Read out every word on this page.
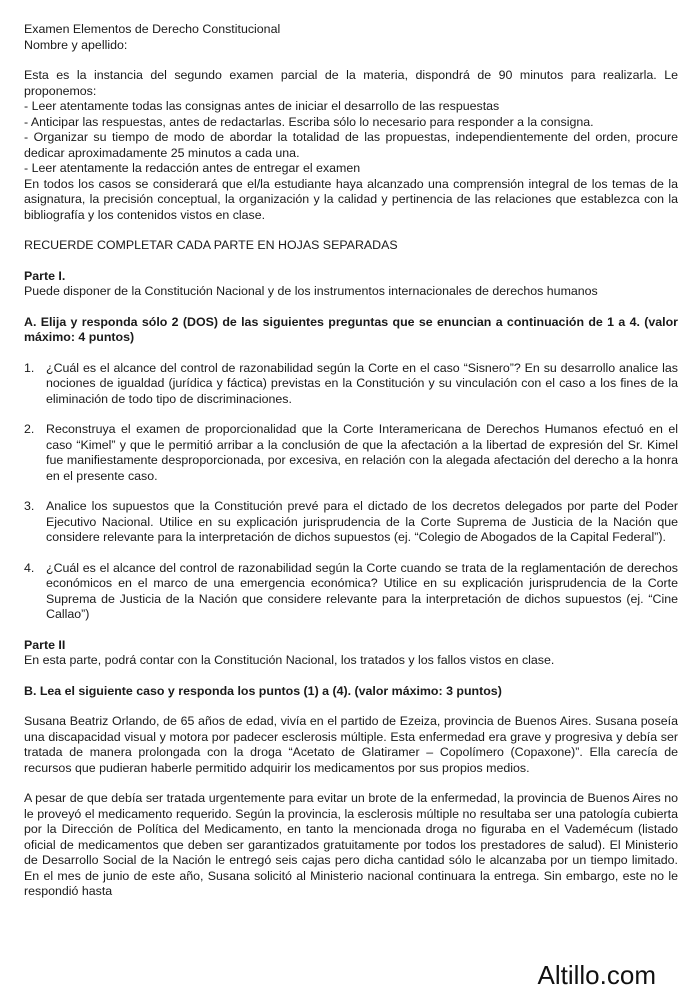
Examen Elementos de Derecho Constitucional
Nombre y apellido:

Esta es la instancia del segundo examen parcial de la materia, dispondrá de 90 minutos para realizarla. Le proponemos:

- Leer atentamente todas las consignas antes de iniciar el desarrollo de las respuestas

- Anticipar las respuestas, antes de redactarlas. Escriba sólo lo necesario para responder a la consigna.

- Organizar su tiempo de modo de abordar la totalidad de las propuestas, independientemente del orden, procure dedicar aproximadamente 25 minutos a cada una.

- Leer atentamente la redacción antes de entregar el examen

En todos los casos se considerará que el/la estudiante haya alcanzado una comprensión integral de los temas de la asignatura, la precisión conceptual, la organización y la calidad y pertinencia de las relaciones que establezca con la bibliografía y los contenidos vistos en clase.

RECUERDE COMPLETAR CADA PARTE EN HOJAS SEPARADAS
Parte I.
Puede disponer de la Constitución Nacional y de los instrumentos internacionales de derechos humanos

A. Elija y responda sólo 2 (DOS) de las siguientes preguntas que se enuncian a continuación de 1 a 4. (valor máximo: 4 puntos)

1. ¿Cuál es el alcance del control de razonabilidad según la Corte en el caso “Sisnero”? En su desarrollo analice las nociones de igualdad (jurídica y fáctica) previstas en la Constitución y su vinculación con el caso a los fines de la eliminación de todo tipo de discriminaciones.
2. Reconstruya el examen de proporcionalidad que la Corte Interamericana de Derechos Humanos efectuó en el caso “Kimel” y que le permitió arribar a la conclusión de que la afectación a la libertad de expresión del Sr. Kimel fue manifiestamente desproporcionada, por excesiva, en relación con la alegada afectación del derecho a la honra en el presente caso.
3. Analice los supuestos que la Constitución prevé para el dictado de los decretos delegados por parte del Poder Ejecutivo Nacional. Utilice en su explicación jurisprudencia de la Corte Suprema de Justicia de la Nación que considere relevante para la interpretación de dichos supuestos (ej. “Colegio de Abogados de la Capital Federal”).
4. ¿Cuál es el alcance del control de razonabilidad según la Corte cuando se trata de la reglamentación de derechos económicos en el marco de una emergencia económica? Utilice en su explicación jurisprudencia de la Corte Suprema de Justicia de la Nación que considere relevante para la interpretación de dichos supuestos (ej. “Cine Callao”)
Parte II
En esta parte, podrá contar con la Constitución Nacional, los tratados y los fallos vistos en clase.

B. Lea el siguiente caso y responda los puntos (1) a (4). (valor máximo: 3 puntos)

Susana Beatriz Orlando, de 65 años de edad, vivía en el partido de Ezeiza, provincia de Buenos Aires. Susana poseía una discapacidad visual y motora por padecer esclerosis múltiple. Esta enfermedad era grave y progresiva y debía ser tratada de manera prolongada con la droga “Acetato de Glatiramer – Copolímero (Copaxone)”. Ella carecía de recursos que pudieran haberle permitido adquirir los medicamentos por sus propios medios.

A pesar de que debía ser tratada urgentemente para evitar un brote de la enfermedad, la provincia de Buenos Aires no le proveyó el medicamento requerido. Según la provincia, la esclerosis múltiple no resultaba ser una patología cubierta por la Dirección de Política del Medicamento, en tanto la mencionada droga no figuraba en el Vademécum (listado oficial de medicamentos que deben ser garantizados gratuitamente por todos los prestadores de salud). El Ministerio de Desarrollo Social de la Nación le entregó seis cajas pero dicha cantidad sólo le alcanzaba por un tiempo limitado. En el mes de junio de este año, Susana solicitó al Ministerio nacional continuara la entrega. Sin embargo, este no le respondió hasta

Altillo.com
